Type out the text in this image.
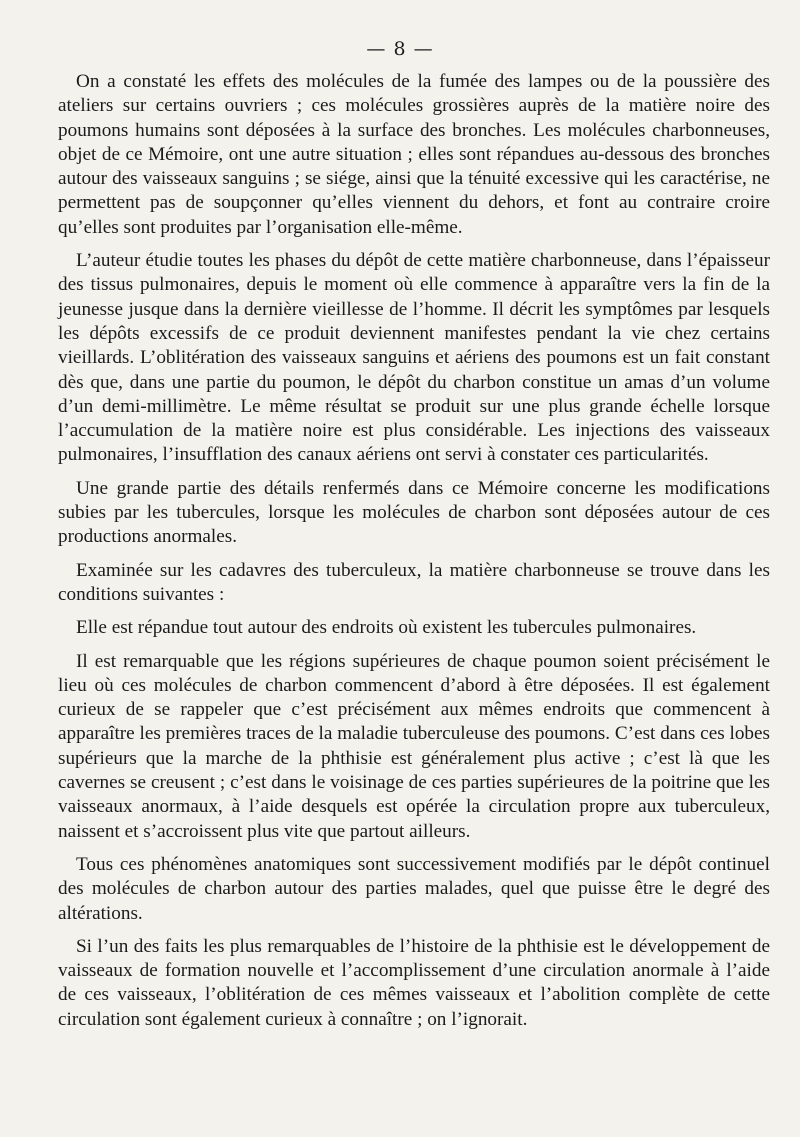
— 8 —

On a constaté les effets des molécules de la fumée des lampes ou de la poussière des ateliers sur certains ouvriers ; ces molécules grossières auprès de la matière noire des poumons humains sont déposées à la surface des bronches. Les molécules charbonneuses, objet de ce Mémoire, ont une autre situation ; elles sont répandues au-dessous des bronches autour des vaisseaux sanguins ; se siége, ainsi que la ténuité excessive qui les caractérise, ne permettent pas de soupçonner qu’elles viennent du dehors, et font au contraire croire qu’elles sont produites par l’organisation elle-même.

L’auteur étudie toutes les phases du dépôt de cette matière charbonneuse, dans l’épaisseur des tissus pulmonaires, depuis le moment où elle commence à apparaître vers la fin de la jeunesse jusque dans la dernière vieillesse de l’homme. Il décrit les symptômes par lesquels les dépôts excessifs de ce produit deviennent manifestes pendant la vie chez certains vieillards. L’oblitération des vaisseaux sanguins et aériens des poumons est un fait constant dès que, dans une partie du poumon, le dépôt du charbon constitue un amas d’un volume d’un demi-millimètre. Le même résultat se produit sur une plus grande échelle lorsque l’accumulation de la matière noire est plus considérable. Les injections des vaisseaux pulmonaires, l’insufflation des canaux aériens ont servi à constater ces particularités.

Une grande partie des détails renfermés dans ce Mémoire concerne les modifications subies par les tubercules, lorsque les molécules de charbon sont déposées autour de ces productions anormales.

Examinée sur les cadavres des tuberculeux, la matière charbonneuse se trouve dans les conditions suivantes :

Elle est répandue tout autour des endroits où existent les tubercules pulmonaires.

Il est remarquable que les régions supérieures de chaque poumon soient précisément le lieu où ces molécules de charbon commencent d’abord à être déposées. Il est également curieux de se rappeler que c’est précisément aux mêmes endroits que commencent à apparaître les premières traces de la maladie tuberculeuse des poumons. C’est dans ces lobes supérieurs que la marche de la phthisie est généralement plus active ; c’est là que les cavernes se creusent ; c’est dans le voisinage de ces parties supérieures de la poitrine que les vaisseaux anormaux, à l’aide desquels est opérée la circulation propre aux tuberculeux, naissent et s’accroissent plus vite que partout ailleurs.

Tous ces phénomènes anatomiques sont successivement modifiés par le dépôt continuel des molécules de charbon autour des parties malades, quel que puisse être le degré des altérations.

Si l’un des faits les plus remarquables de l’histoire de la phthisie est le développement de vaisseaux de formation nouvelle et l’accomplissement d’une circulation anormale à l’aide de ces vaisseaux, l’oblitération de ces mêmes vaisseaux et l’abolition complète de cette circulation sont également curieux à connaître ; on l’ignorait.
